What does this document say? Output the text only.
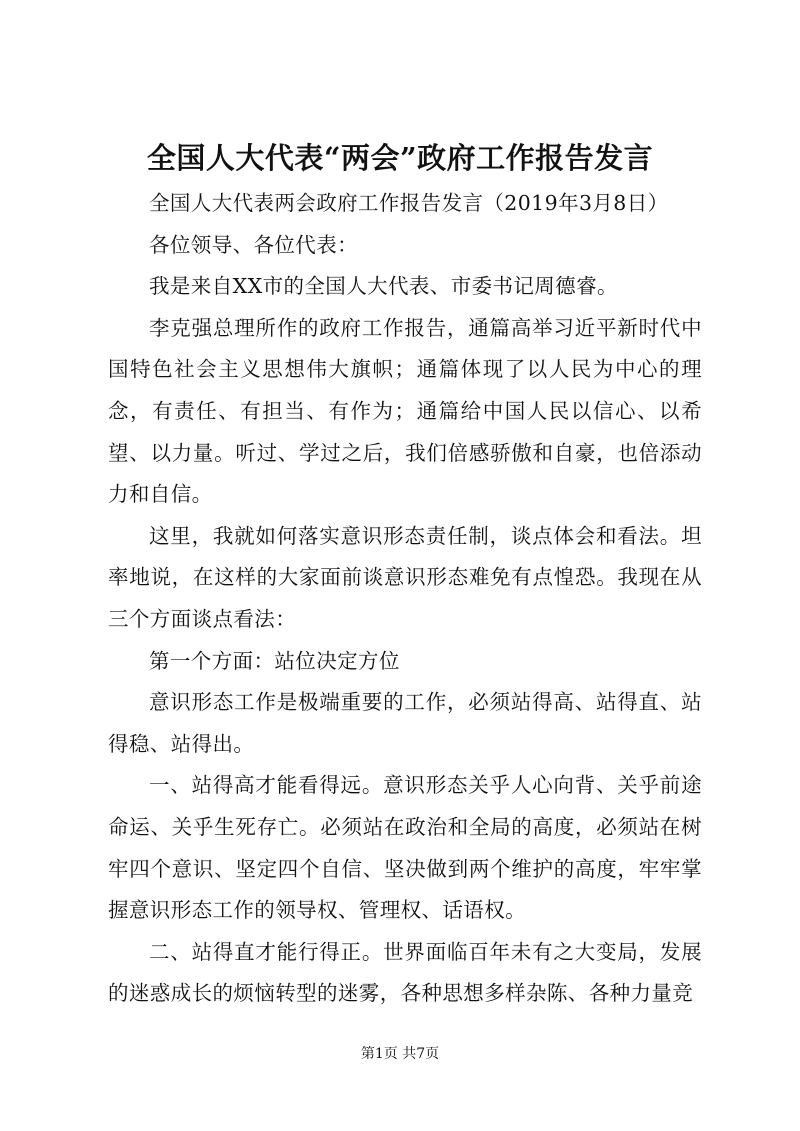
全国人大代表“两会”政府工作报告发言

全国人大代表两会政府工作报告发言（2019年3月8日）

各位领导、各位代表：

我是来自XX市的全国人大代表、市委书记周德睿。

李克强总理所作的政府工作报告，通篇高举习近平新时代中国特色社会主义思想伟大旗帜；通篇体现了以人民为中心的理念，有责任、有担当、有作为；通篇给中国人民以信心、以希望、以力量。听过、学过之后，我们倍感骄傲和自豪，也倍添动力和自信。

这里，我就如何落实意识形态责任制，谈点体会和看法。坦率地说，在这样的大家面前谈意识形态难免有点惶恐。我现在从三个方面谈点看法：

第一个方面：站位决定方位

意识形态工作是极端重要的工作，必须站得高、站得直、站得稳、站得出。

一、站得高才能看得远。意识形态关乎人心向背、关乎前途命运、关乎生死存亡。必须站在政治和全局的高度，必须站在树牢四个意识、坚定四个自信、坚决做到两个维护的高度，牢牢掌握意识形态工作的领导权、管理权、话语权。

二、站得直才能行得正。世界面临百年未有之大变局，发展的迷惑成长的烦恼转型的迷雾，各种思想多样杂陈、各种力量竞

第1页 共7页
